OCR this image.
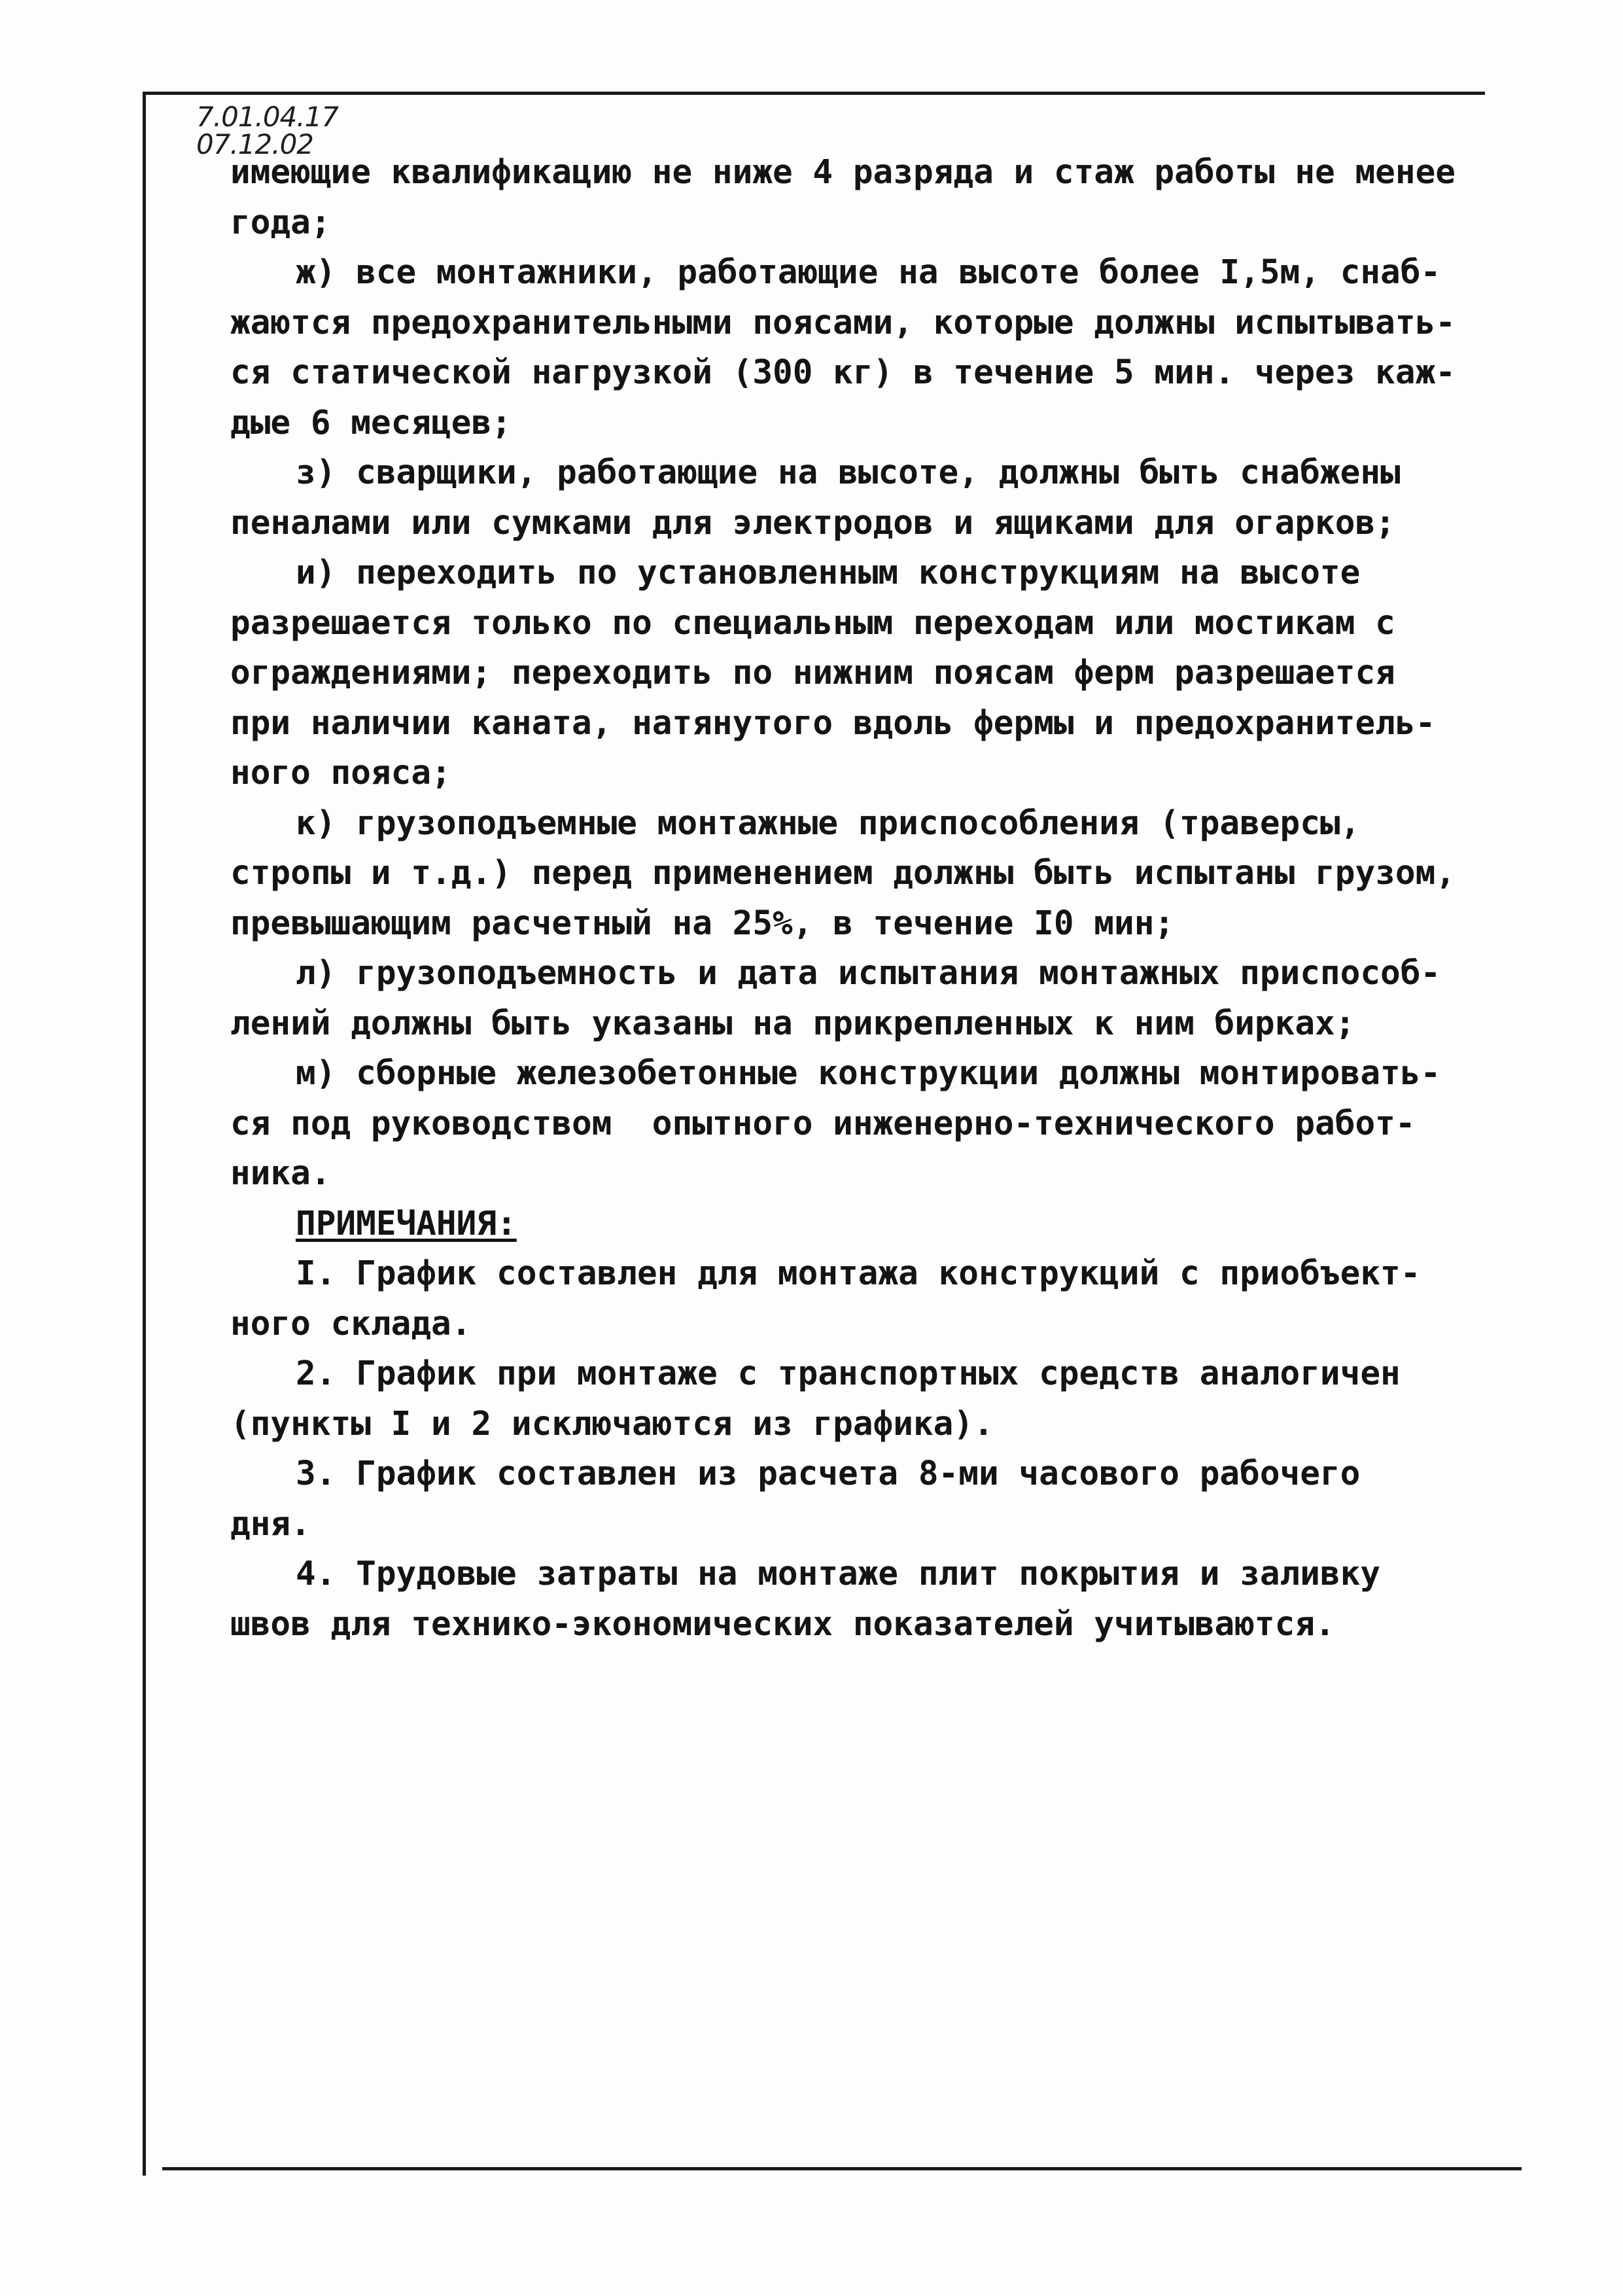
7.01.04.17
07.12.02
имеющие квалификацию не ниже 4 разряда и стаж работы не менее
года;
ж) все монтажники, работающие на высоте более I,5м, снаб-
жаются предохранительными поясами, которые должны испытывать-
ся статической нагрузкой (300 кг) в течение 5 мин. через каж-
дые 6 месяцев;
з) сварщики, работающие на высоте, должны быть снабжены
пеналами или сумками для электродов и ящиками для огарков;
и) переходить по установленным конструкциям на высоте
разрешается только по специальным переходам или мостикам с
ограждениями; переходить по нижним поясам ферм разрешается
при наличии каната, натянутого вдоль фермы и предохранитель-
ного пояса;
к) грузоподъемные монтажные приспособления (траверсы,
стропы и т.д.) перед применением должны быть испытаны грузом,
превышающим расчетный на 25%, в течение I0 мин;
л) грузоподъемность и дата испытания монтажных приспособ-
лений должны быть указаны на прикрепленных к ним бирках;
м) сборные железобетонные конструкции должны монтировать-
ся под руководством  опытного инженерно-технического работ-
ника.
ПРИМЕЧАНИЯ:
I. График составлен для монтажа конструкций с приобъект-
ного склада.
2. График при монтаже с транспортных средств аналогичен
(пункты I и 2 исключаются из графика).
3. График составлен из расчета 8-ми часового рабочего
дня.
4. Трудовые затраты на монтаже плит покрытия и заливку
швов для технико-экономических показателей учитываются.
